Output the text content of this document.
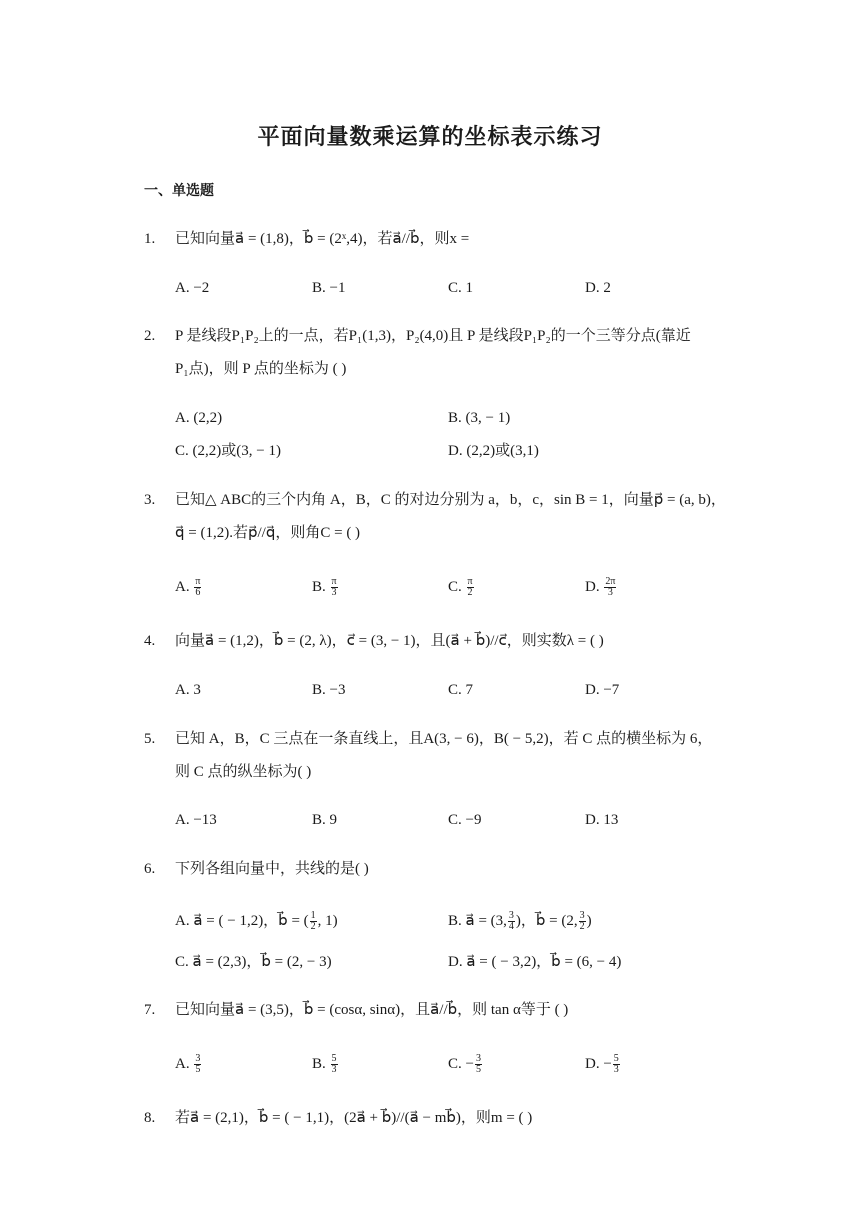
平面向量数乘运算的坐标表示练习
一、单选题
1. 已知向量a⃗ = (1,8)，b⃗ = (2ˣ,4)，若a⃗//b⃗，则x =
A. −2	B. −1	C. 1	D. 2
2. P 是线段P₁P₂上的一点，若P₁(1,3)，P₂(4,0)且 P 是线段P₁P₂的一个三等分点(靠近
P₁点)，则 P 点的坐标为 ( )
A. (2,2)	B. (3, − 1)
C. (2,2)或(3, − 1)	D. (2,2)或(3,1)
3. 已知△ ABC的三个内角 A，B，C 的对边分别为 a，b，c，sin B = 1，向量p⃗ = (a, b)，
q⃗ = (1,2).若p⃗//q⃗，则角C = ( )
A. $\frac{\pi}{6}$	B. $\frac{\pi}{3}$	C. $\frac{\pi}{2}$	D. $\frac{2\pi}{3}$
4. 向量a⃗ = (1,2)，b⃗ = (2, λ)，c⃗ = (3, − 1)，且(a⃗ + b⃗)//c⃗，则实数λ = ( )
A. 3	B. −3	C. 7	D. −7
5. 已知 A，B，C 三点在一条直线上，且A(3, − 6)，B( − 5,2)，若 C 点的横坐标为 6，
则 C 点的纵坐标为( )
A. −13	B. 9	C. −9	D. 13
6. 下列各组向量中，共线的是( )
A. a⃗ = ( − 1,2)，b⃗ = ( $\frac{1}{2}$ , 1)	B. a⃗ = (3, $\frac{3}{4}$ )，b⃗ = (2, $\frac{3}{2}$ )
C. a⃗ = (2,3)，b⃗ = (2, − 3)	D. a⃗ = ( − 3,2)，b⃗ = (6, − 4)
7. 已知向量a⃗ = (3,5)，b⃗ = (cosα, sinα)，且a⃗//b⃗，则 tan α等于 ( )
A. $\frac{3}{5}$	B. $\frac{5}{3}$	C. − $\frac{3}{5}$	D. − $\frac{5}{3}$
8. 若a⃗ = (2,1)，b⃗ = ( − 1,1)，(2a⃗ + b⃗)//(a⃗ − mb⃗)，则m = ( )
